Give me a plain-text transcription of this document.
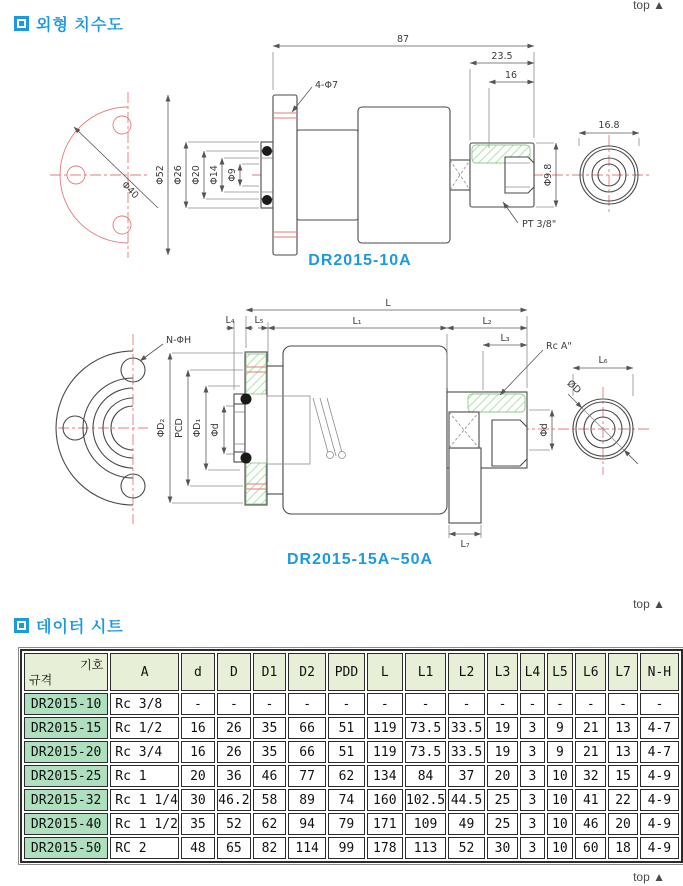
top ▲
외형 치수도
Φ40
Φ52 Φ26 Φ20 Φ14 Φ9
87
23.5
16
4-Φ7
Φ9.8
PT 3/8"
16.8
DR2015-10A
N-ΦH
ΦD₂ PCD ΦD₁ Φd
L
L₄ L₅	L₁	L₂
L₃
Rc A"
Φd
L₇
L₆
ØD
DR2015-15A~50A
top ▲
데이터 시트
기호
규격	A	d	D	D1	D2	PDD	L	L1	L2	L3	L4	L5	L6	L7	N-H
DR2015-10	Rc 3/8	-	-	-	-	-	-	-	-	-	-	-	-	-	-
DR2015-15	Rc 1/2	16	26	35	66	51	119	73.5	33.5	19	3	9	21	13	4-7
DR2015-20	Rc 3/4	16	26	35	66	51	119	73.5	33.5	19	3	9	21	13	4-7
DR2015-25	Rc 1	20	36	46	77	62	134	84	37	20	3	10	32	15	4-9
DR2015-32	Rc 1 1/4	30	46.2	58	89	74	160	102.5	44.5	25	3	10	41	22	4-9
DR2015-40	Rc 1 1/2	35	52	62	94	79	171	109	49	25	3	10	46	20	4-9
DR2015-50	RC 2	48	65	82	114	99	178	113	52	30	3	10	60	18	4-9
top ▲
